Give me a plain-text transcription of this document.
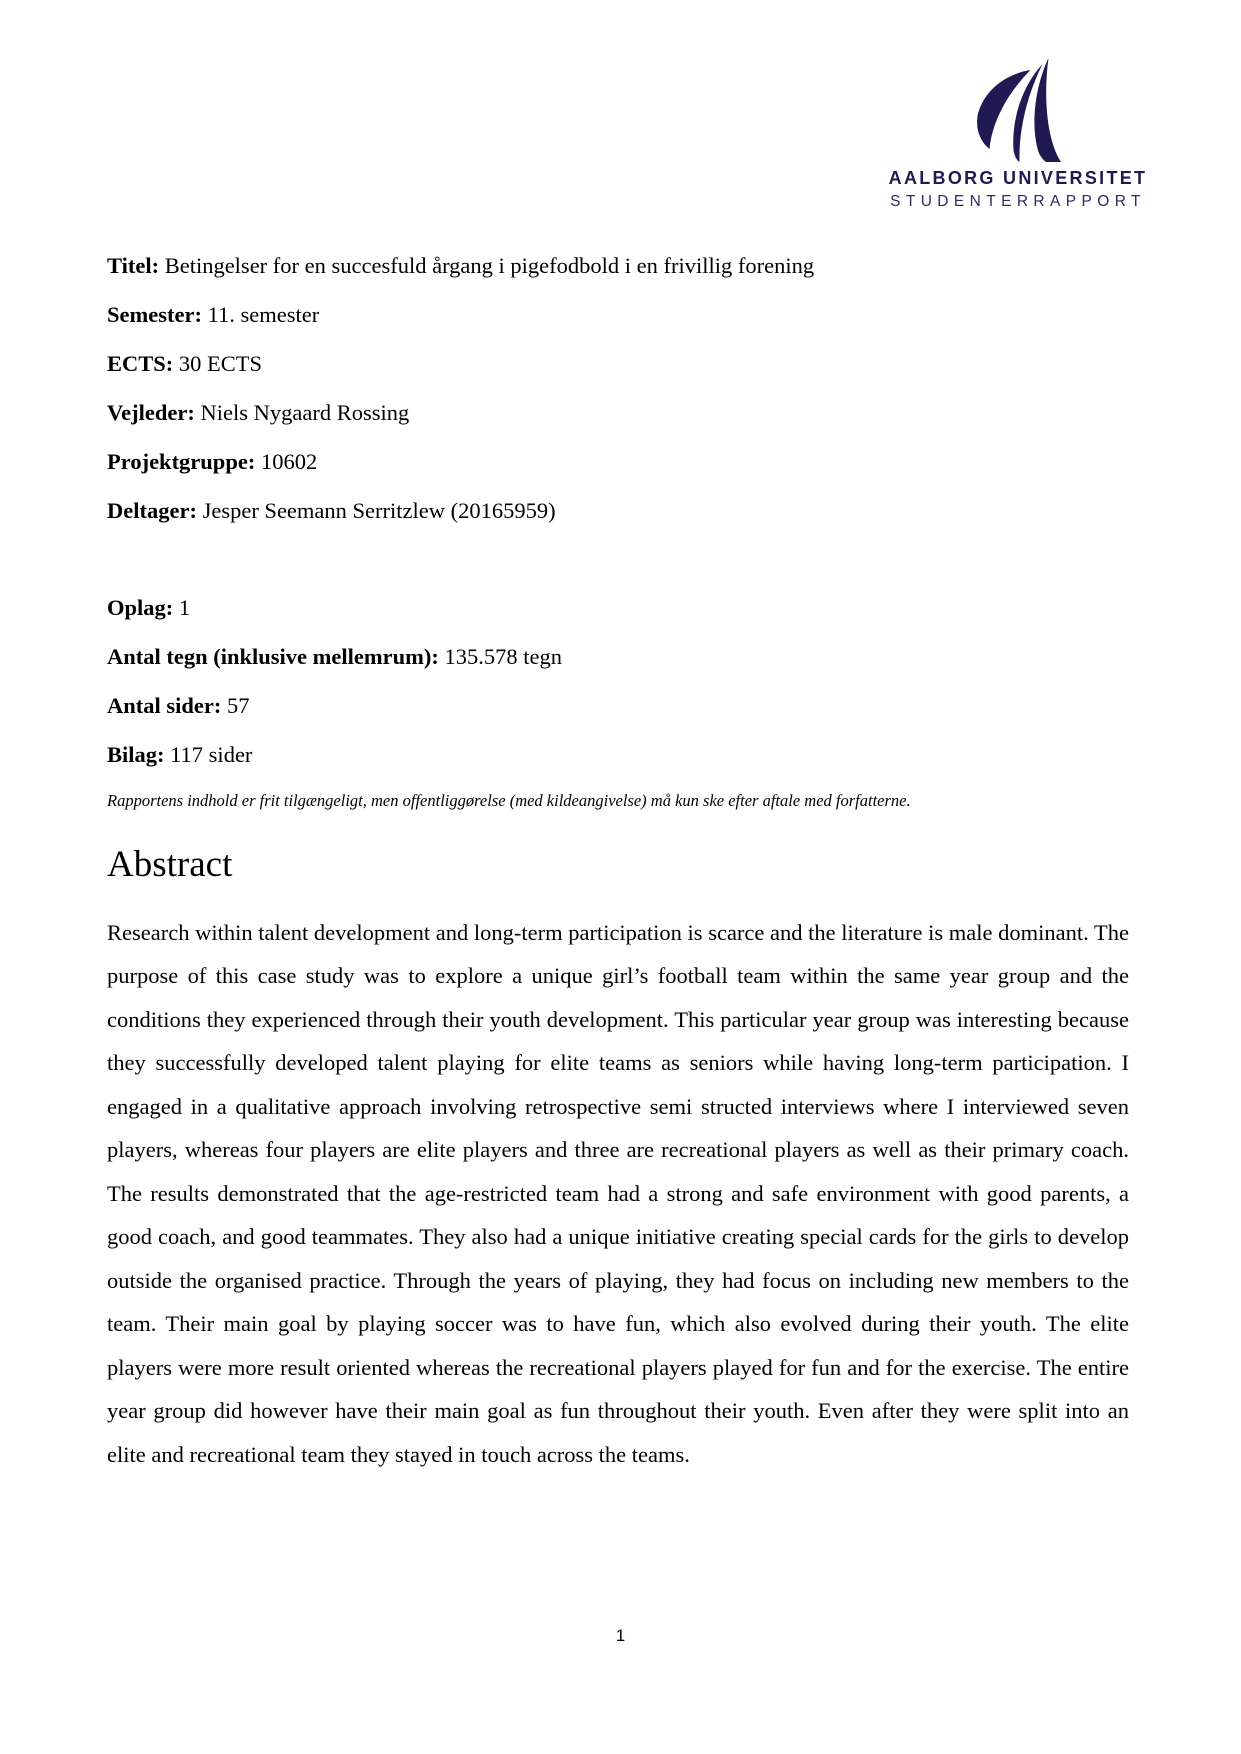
AALBORG UNIVERSITET
STUDENTERRAPPORT

Titel: Betingelser for en succesfuld årgang i pigefodbold i en frivillig forening

Semester: 11. semester

ECTS: 30 ECTS

Vejleder: Niels Nygaard Rossing

Projektgruppe: 10602

Deltager: Jesper Seemann Serritzlew (20165959)

Oplag: 1

Antal tegn (inklusive mellemrum): 135.578 tegn

Antal sider: 57

Bilag: 117 sider

Rapportens indhold er frit tilgængeligt, men offentliggørelse (med kildeangivelse) må kun ske efter aftale med forfatterne.

Abstract

Research within talent development and long-term participation is scarce and the literature is male dominant. The purpose of this case study was to explore a unique girl’s football team within the same year group and the conditions they experienced through their youth development. This particular year group was interesting because they successfully developed talent playing for elite teams as seniors while having long-term participation. I engaged in a qualitative approach involving retrospective semi structed interviews where I interviewed seven players, whereas four players are elite players and three are recreational players as well as their primary coach. The results demonstrated that the age-restricted team had a strong and safe environment with good parents, a good coach, and good teammates. They also had a unique initiative creating special cards for the girls to develop outside the organised practice. Through the years of playing, they had focus on including new members to the team. Their main goal by playing soccer was to have fun, which also evolved during their youth. The elite players were more result oriented whereas the recreational players played for fun and for the exercise. The entire year group did however have their main goal as fun throughout their youth. Even after they were split into an elite and recreational team they stayed in touch across the teams.

1
